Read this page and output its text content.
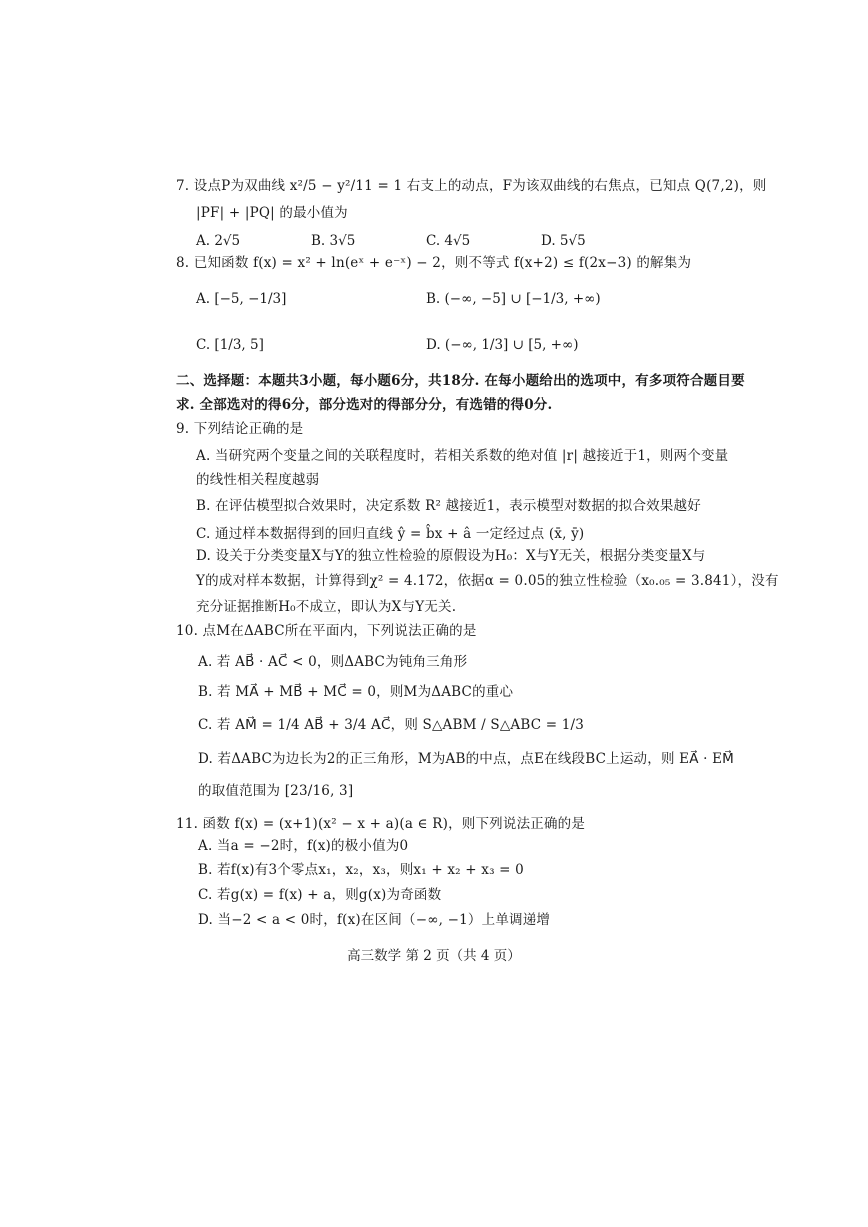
7. 设点P为双曲线 x²/5 − y²/11 = 1 右支上的动点，F为该双曲线的右焦点，已知点 Q(7,2)，则
|PF| + |PQ| 的最小值为
A. 2√5	B. 3√5	C. 4√5	D. 5√5
8. 已知函数 f(x) = x² + ln(eˣ + e⁻ˣ) − 2，则不等式 f(x+2) ≤ f(2x−3) 的解集为
A. [−5, −1/3]	B. (−∞, −5] ∪ [−1/3, +∞)
C. [1/3, 5]	D. (−∞, 1/3] ∪ [5, +∞)
二、选择题：本题共3小题，每小题6分，共18分. 在每小题给出的选项中，有多项符合题目要
求. 全部选对的得6分，部分选对的得部分分，有选错的得0分.
9. 下列结论正确的是
A. 当研究两个变量之间的关联程度时，若相关系数的绝对值 |r| 越接近于1，则两个变量
的线性相关程度越弱
B. 在评估模型拟合效果时，决定系数 R² 越接近1，表示模型对数据的拟合效果越好
C. 通过样本数据得到的回归直线 ŷ = b̂x + â 一定经过点 (x̄, ȳ)
D. 设关于分类变量X与Y的独立性检验的原假设为H₀：X与Y无关，根据分类变量X与
Y的成对样本数据，计算得到χ² = 4.172，依据α = 0.05的独立性检验（x₀.₀₅ = 3.841），没有
充分证据推断H₀不成立，即认为X与Y无关.
10. 点M在ΔABC所在平面内，下列说法正确的是
A. 若 AB⃗ · AC⃗ < 0，则ΔABC为钝角三角形
B. 若 MA⃗ + MB⃗ + MC⃗ = 0，则M为ΔABC的重心
C. 若 AM⃗ = 1/4 AB⃗ + 3/4 AC⃗，则 S△ABM / S△ABC = 1/3
D. 若ΔABC为边长为2的正三角形，M为AB的中点，点E在线段BC上运动，则 EA⃗ · EM⃗
的取值范围为 [23/16, 3]
11. 函数 f(x) = (x+1)(x² − x + a)(a ∈ R)，则下列说法正确的是
A. 当a = −2时，f(x)的极小值为0
B. 若f(x)有3个零点x₁，x₂，x₃，则x₁ + x₂ + x₃ = 0
C. 若g(x) = f(x) + a，则g(x)为奇函数
D. 当−2 < a < 0时，f(x)在区间（−∞, −1）上单调递增
高三数学 第 2 页（共 4 页）
